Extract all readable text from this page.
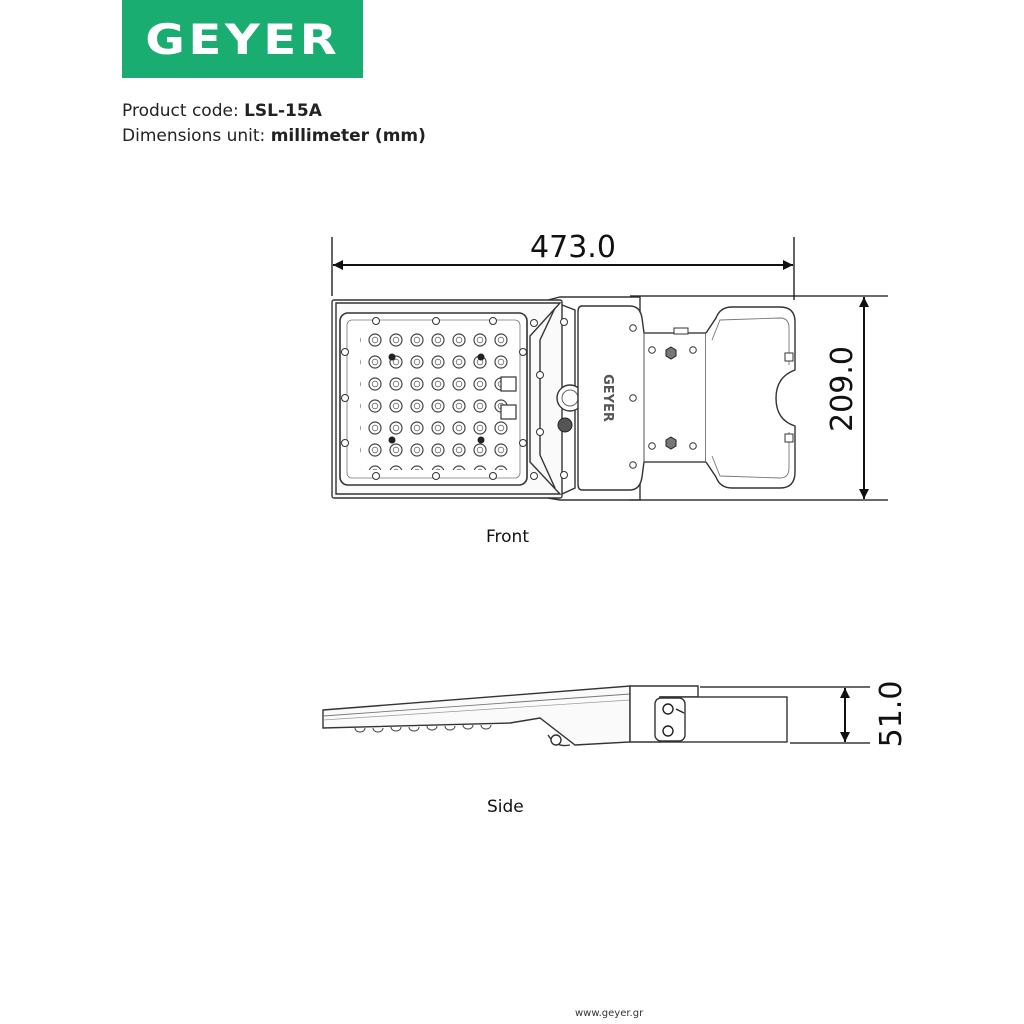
GEYER
Product code: LSL-15A
Dimensions unit: millimeter (mm)
473.0
209.0
GEYER
51.0
Front
Side
www.geyer.gr
